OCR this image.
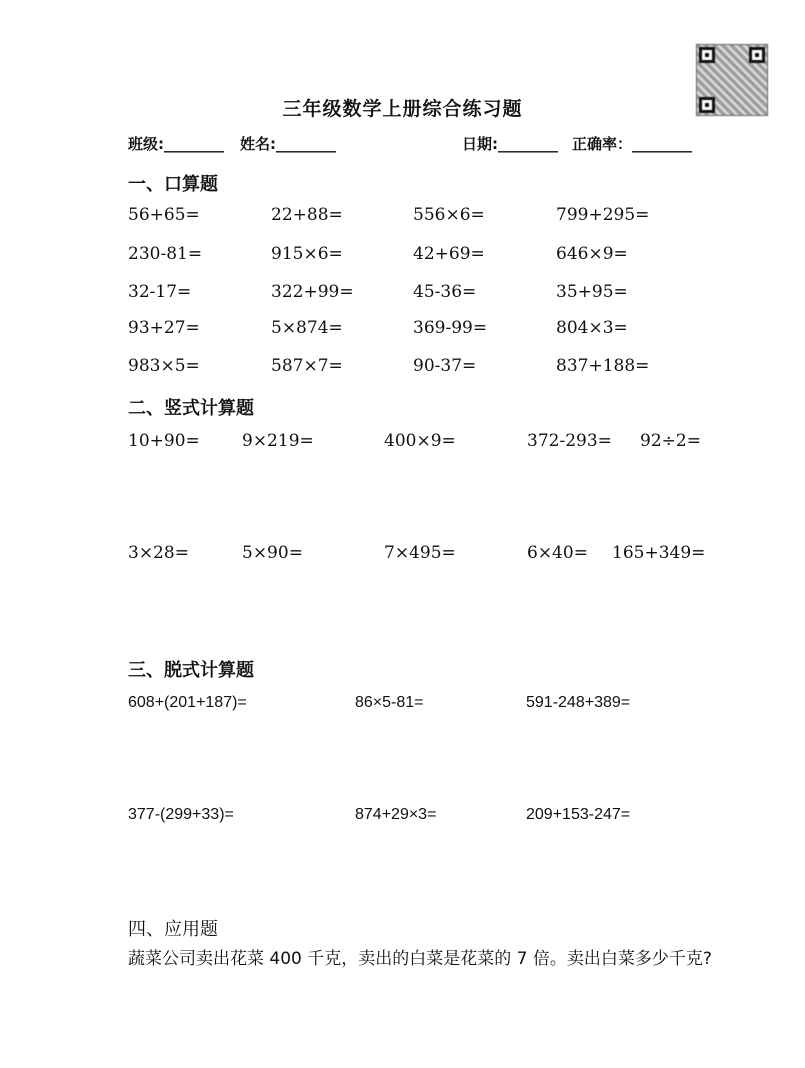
三年级数学上册综合练习题
班级:________ 姓名:________	日期:________ 正确率：________
一、口算题
56+65=	22+88=	556×6=	799+295=
230-81=	915×6=	42+69=	646×9=
32-17=	322+99=	45-36=	35+95=
93+27=	5×874=	369-99=	804×3=
983×5=	587×7=	90-37=	837+188=
二、竖式计算题
10+90= 9×219=	400×9=	372-293= 92÷2=
3×28=	5×90=	7×495=	6×40= 165+349=
三、脱式计算题
608+(201+187)=	86×5-81=	591-248+389=
377-(299+33)=	874+29×3=	209+153-247=
四、应用题
蔬菜公司卖出花菜 400 千克，卖出的白菜是花菜的 7 倍。卖出白菜多少千克?
